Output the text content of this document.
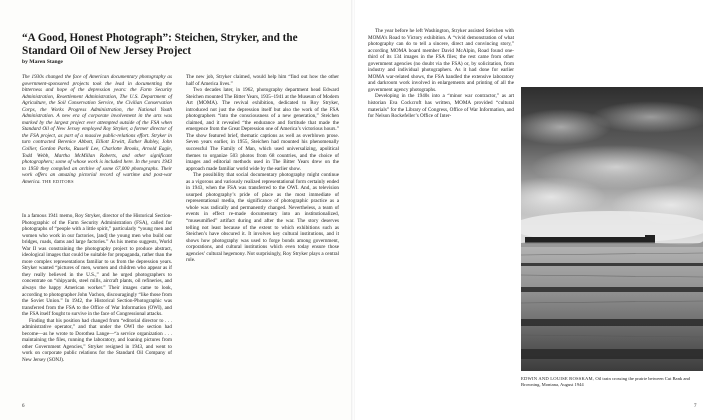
“A Good, Honest Photograph”: Steichen, Stryker, and the Standard Oil of New Jersey Project
by Maren Stange

The 1930s changed the face of American documentary photography as government-sponsored projects took the lead in documenting the bitterness and hope of the depression years: the Farm Security Administration, Resettlement Administration, The U.S. Department of Agriculture, the Soil Conservation Service, the Civilian Conservation Corps, the Works Progress Administration, the National Youth Administration. A new era of corporate involvement in the arts was marked by the largest project ever attempted outside of the FSA when Standard Oil of New Jersey employed Roy Stryker, a former director of the FSA project, as part of a massive public-relations effort. Stryker in turn contracted Berenice Abbott, Elliott Erwitt, Esther Bubley, John Collier, Gordon Parks, Russell Lee, Charlotte Brooks, Arnold Eagle, Todd Webb, Martha McMillan Roberts, and other significant photographers; some of whose work is included here. In the years 1943 to 1950 they compiled an archive of some 67,000 photographs. Their work offers an amazing pictorial record of wartime and post-war America. THE EDITORS

In a famous 1941 memo, Roy Stryker, director of the Historical Section-Photographic of the Farm Security Administration (FSA), called for photographs of “people with a little spirit,” particularly “young men and women who work in our factories, [and] the young men who build our bridges, roads, dams and large factories.” As his memo suggests, World War II was constraining the photography project to produce abstract, ideological images that could be suitable for propaganda, rather than the more complex representations familiar to us from the depression years. Stryker wanted “pictures of men, women and children who appear as if they really believed in the U.S.,” and he urged photographers to concentrate on “shipyards, steel mills, aircraft plants, oil refineries, and always the happy American worker.” Their images came to look, according to photographer John Vachon, discouragingly “like those from the Soviet Union.” In 1942, the Historical Section-Photographic was transferred from the FSA to the Office of War Information (OWI), and the FSA itself fought to survive in the face of Congressional attacks.

Finding that his position had changed from “editorial director to . . . administrative operator,” and that under the OWI the section had become—as he wrote to Dorothea Lange—“a service organization . . . maintaining the files, running the laboratory, and loaning pictures from other Government Agencies,” Stryker resigned in 1943, and went to work on corporate public relations for the Standard Oil Company of New Jersey (SONJ).

The new job, Stryker claimed, would help him “find out how the other half of America lives.”

Two decades later, in 1962, photography department head Edward Steichen mounted The Bitter Years, 1935–1941 at the Museum of Modern Art (MOMA). The revival exhibition, dedicated to Roy Stryker, introduced not just the depression itself but also the work of the FSA photographers “into the consciousness of a new generation,” Steichen claimed, and it revealed “the endurance and fortitude that made the emergence from the Great Depression one of America’s victorious hours.” The show featured brief, thematic captions as well as overblown prose. Seven years earlier, in 1955, Steichen had mounted his phenomenally successful The Family of Man, which used universalizing, apolitical themes to organize 503 photos from 68 countries, and the choice of images and editorial methods used in The Bitter Years drew on the approach made familiar world wide by the earlier show.

The possibility that social documentary photography might continue as a vigorous and variously realized representational form certainly ended in 1943, when the FSA was transferred to the OWI. And, as television usurped photography’s pride of place as the most immediate of representational media, the significance of photographic practice as a whole was radically and permanently changed. Nevertheless, a team of events in effect re-made documentary into an institutionalized, “museumified” artifact during and after the war. The story deserves telling not least because of the extent to which exhibitions such as Steichen’s have obscured it. It involves key cultural institutions, and it shows how photography was used to forge bonds among government, corporations, and cultural institutions which even today ensure those agencies’ cultural hegemony. Not surprisingly, Roy Stryker plays a central role.

The year before he left Washington, Stryker assisted Steichen with MOMA’s Road to Victory exhibition. A “vivid demonstration of what photography can do to tell a sincere, direct and convincing story,” according MOMA board member David McAlpin, Road found one-third of its 134 images in the FSA files; the rest came from other government agencies (no doubt via the FSA) or, by solicitation, from industry and individual photographers. As it had done for earlier MOMA war-related shows, the FSA handled the extensive laboratory and darkroom work involved in enlargements and printing of all the government agency photographs.

Developing in the 1940s into a “minor war contractor,” as art historian Eva Cockcroft has written, MOMA provided “cultural materials” for the Library of Congress, Office of War Information, and for Nelson Rockefeller’s Office of Inter-

EDWIN AND LOUISE ROSSKAM, Oil train crossing the prairie between Cut Bank and Browning, Montana, August 1944
6	7
